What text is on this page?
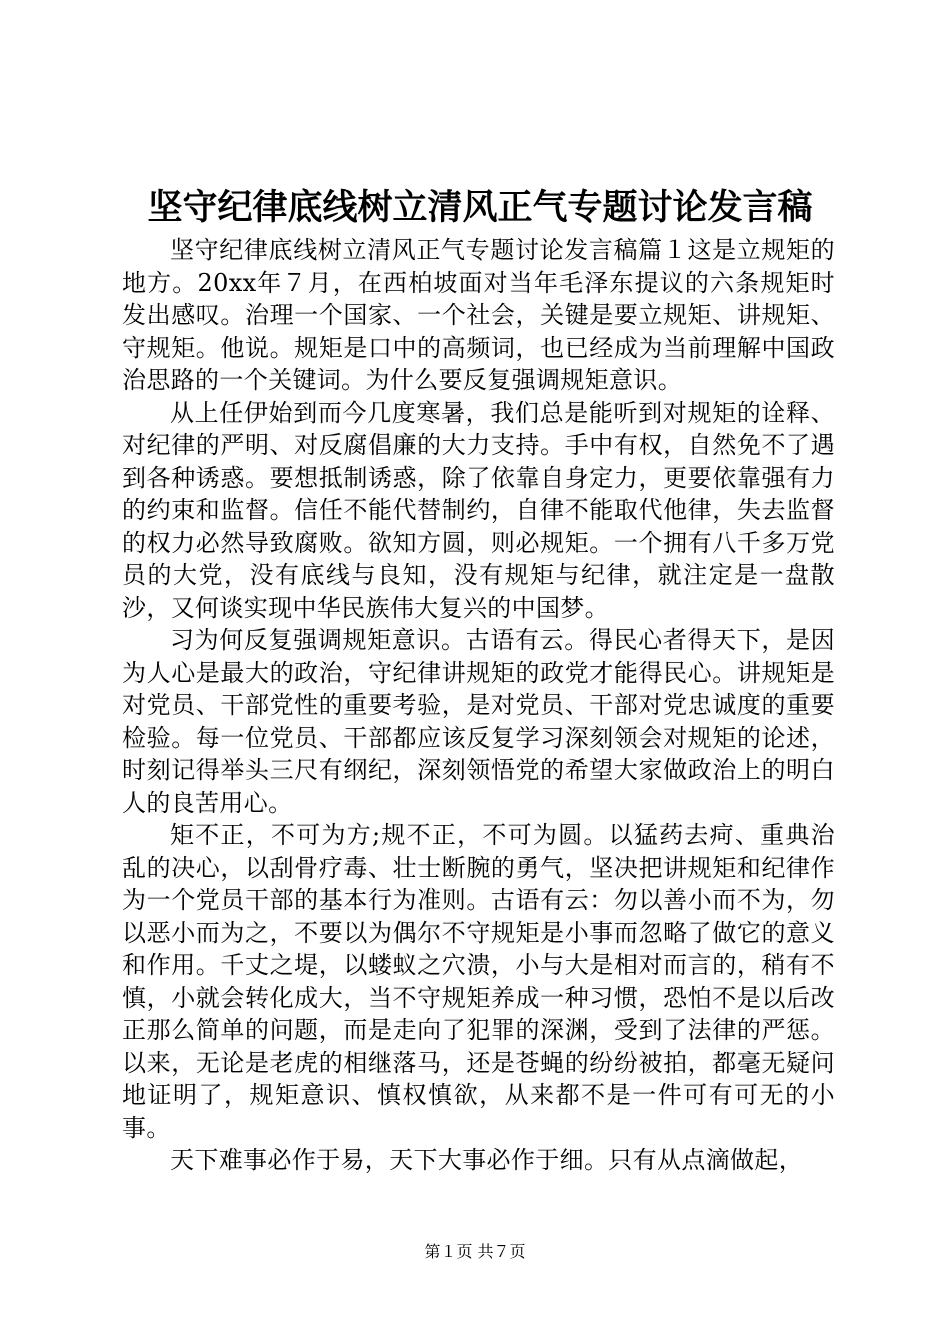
坚守纪律底线树立清风正气专题讨论发言稿

坚守纪律底线树立清风正气专题讨论发言稿篇１这是立规矩的地方。20xx年７月，在西柏坡面对当年毛泽东提议的六条规矩时发出感叹。治理一个国家、一个社会，关键是要立规矩、讲规矩、守规矩。他说。规矩是口中的高频词，也已经成为当前理解中国政治思路的一个关键词。为什么要反复强调规矩意识。

从上任伊始到而今几度寒暑，我们总是能听到对规矩的诠释、对纪律的严明、对反腐倡廉的大力支持。手中有权，自然免不了遇到各种诱惑。要想抵制诱惑，除了依靠自身定力，更要依靠强有力的约束和监督。信任不能代替制约，自律不能取代他律，失去监督的权力必然导致腐败。欲知方圆，则必规矩。一个拥有八千多万党员的大党，没有底线与良知，没有规矩与纪律，就注定是一盘散沙，又何谈实现中华民族伟大复兴的中国梦。

习为何反复强调规矩意识。古语有云。得民心者得天下，是因为人心是最大的政治，守纪律讲规矩的政党才能得民心。讲规矩是对党员、干部党性的重要考验，是对党员、干部对党忠诚度的重要检验。每一位党员、干部都应该反复学习深刻领会对规矩的论述，时刻记得举头三尺有纲纪，深刻领悟党的希望大家做政治上的明白人的良苦用心。

矩不正，不可为方;规不正，不可为圆。以猛药去疴、重典治乱的决心，以刮骨疗毒、壮士断腕的勇气，坚决把讲规矩和纪律作为一个党员干部的基本行为准则。古语有云：勿以善小而不为，勿以恶小而为之，不要以为偶尔不守规矩是小事而忽略了做它的意义和作用。千丈之堤，以蝼蚁之穴溃，小与大是相对而言的，稍有不慎，小就会转化成大，当不守规矩养成一种习惯，恐怕不是以后改正那么简单的问题，而是走向了犯罪的深渊，受到了法律的严惩。以来，无论是老虎的相继落马，还是苍蝇的纷纷被拍，都毫无疑问地证明了，规矩意识、慎权慎欲，从来都不是一件可有可无的小事。

天下难事必作于易，天下大事必作于细。只有从点滴做起，

第１页 共７页
